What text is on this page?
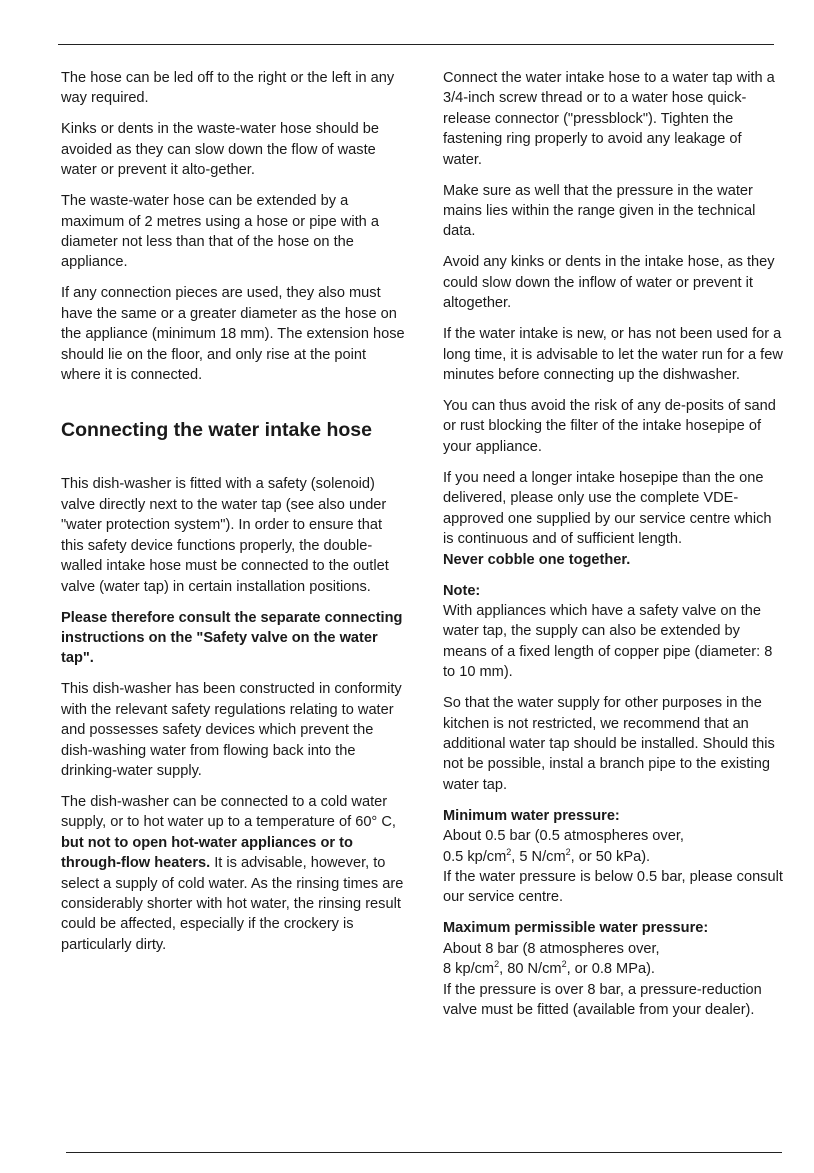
The hose can be led off to the right or the left in any way required.

Kinks or dents in the waste-water hose should be avoided as they can slow down the flow of waste water or prevent it alto-gether.

The waste-water hose can be extended by a maximum of 2 metres using a hose or pipe with a diameter not less than that of the hose on the appliance.

If any connection pieces are used, they also must have the same or a greater diameter as the hose on the appliance (minimum 18 mm). The extension hose should lie on the floor, and only rise at the point where it is connected.

Connecting the water intake hose

This dish-washer is fitted with a safety (solenoid) valve directly next to the water tap (see also under "water protection system"). In order to ensure that this safety device functions properly, the double-walled intake hose must be connected to the outlet valve (water tap) in certain installation positions.

Please therefore consult the separate connecting instructions on the "Safety valve on the water tap".

This dish-washer has been constructed in conformity with the relevant safety regulations relating to water and possesses safety devices which prevent the dish-washing water from flowing back into the drinking-water supply.

The dish-washer can be connected to a cold water supply, or to hot water up to a temperature of 60° C, but not to open hot-water appliances or to through-flow heaters. It is advisable, however, to select a supply of cold water. As the rinsing times are considerably shorter with hot water, the rinsing result could be affected, especially if the crockery is particularly dirty.

Connect the water intake hose to a water tap with a 3/4-inch screw thread or to a water hose quick-release connector ("pressblock"). Tighten the fastening ring properly to avoid any leakage of water.

Make sure as well that the pressure in the water mains lies within the range given in the technical data.

Avoid any kinks or dents in the intake hose, as they could slow down the inflow of water or prevent it altogether.

If the water intake is new, or has not been used for a long time, it is advisable to let the water run for a few minutes before connecting up the dishwasher.

You can thus avoid the risk of any de-posits of sand or rust blocking the filter of the intake hosepipe of your appliance.

If you need a longer intake hosepipe than the one delivered, please only use the complete VDE-approved one supplied by our service centre which is continuous and of sufficient length.

Never cobble one together.

Note:

With appliances which have a safety valve on the water tap, the supply can also be extended by means of a fixed length of copper pipe (diameter: 8 to 10 mm).

So that the water supply for other purposes in the kitchen is not restricted, we recommend that an additional water tap should be installed. Should this not be possible, instal a branch pipe to the existing water tap.

Minimum water pressure:

About 0.5 bar (0.5 atmospheres over,
0.5 $kp/cm^2$, 5 $N/cm^2$, or 50 kPa).
If the water pressure is below 0.5 bar, please consult our service centre.

Maximum permissible water pressure:

About 8 bar (8 atmospheres over,
8 $kp/cm^2$, 80 $N/cm^2$, or 0.8 MPa).
If the pressure is over 8 bar, a pressure-reduction valve must be fitted (available from your dealer).
